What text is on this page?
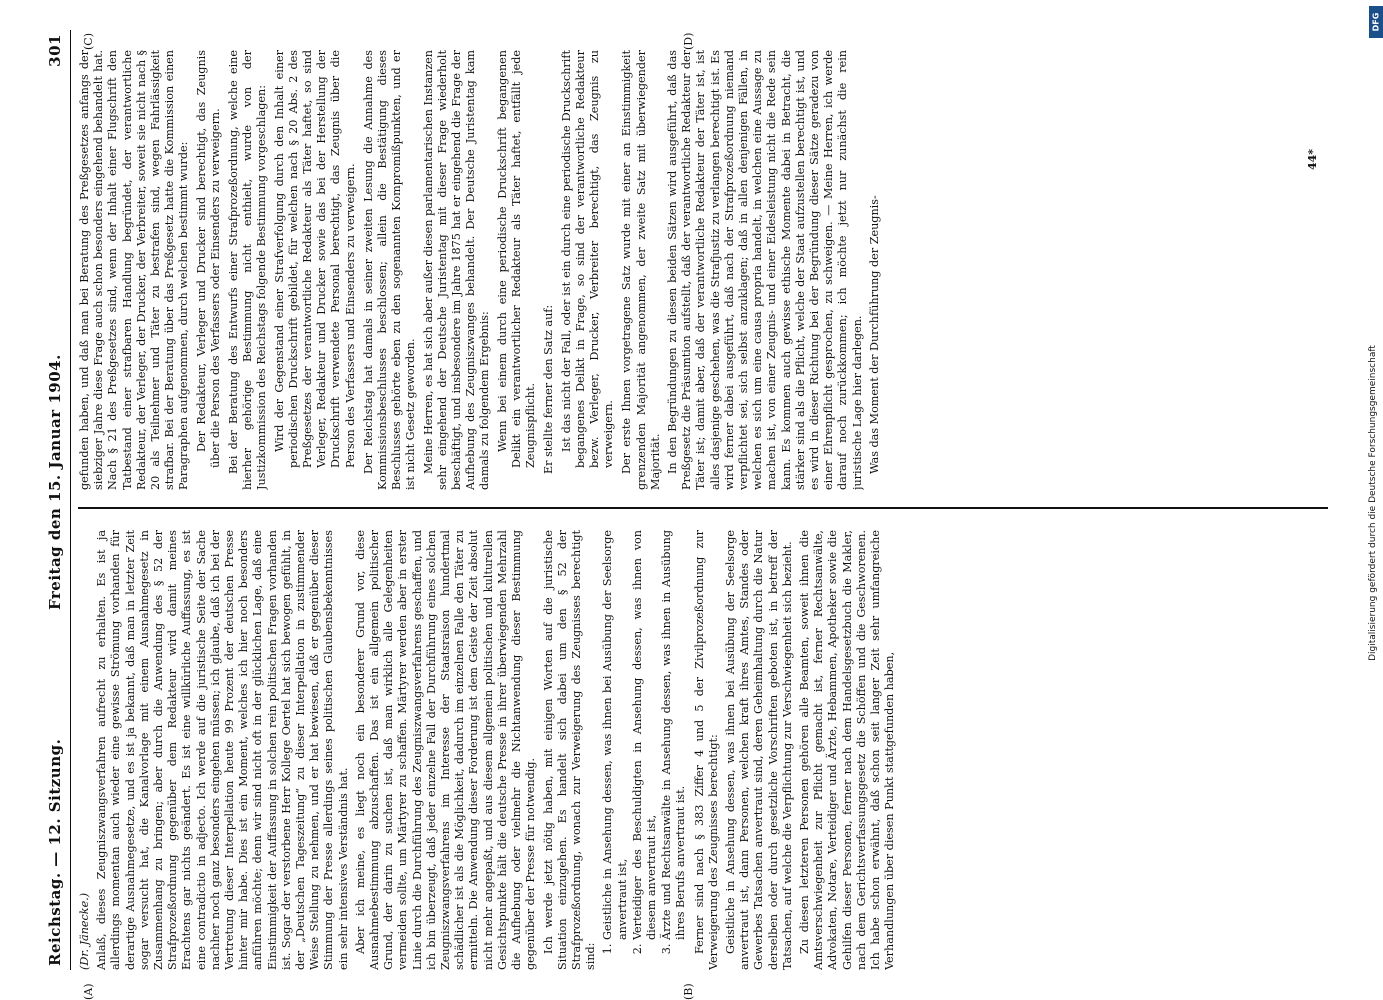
Reichstag. — 12. Sitzung.
Freitag den 15. Januar 1904.
301
(A)	(B)
(C)	(D)

(Dr. Jänecke.) Anlaß, dieses Zeugniszwangsverfahren aufrecht zu erhalten. Es ist ja allerdings momentan auch wieder eine gewisse Strömung vorhanden für derartige Ausnahmegesetze, und es ist ja bekannt, daß man in letzter Zeit sogar versucht hat, die Kanalvorlage mit einem Ausnahmegesetz in Zusammenhang zu bringen; aber durch die Anwendung des § 52 der Strafprozeßordnung gegenüber dem Redakteur wird damit meines Erachtens gar nichts geändert. Es ist eine willkürliche Auffassung, es ist eine contradictio in adjecto. Ich werde auf die juristische Seite der Sache nachher noch ganz besonders eingehen müssen; ich glaube, daß ich bei der Vertretung dieser Interpellation heute 99 Prozent der deutschen Presse hinter mir habe. Dies ist ein Moment, welches ich hier noch besonders anführen möchte; denn wir sind nicht oft in der glücklichen Lage, daß eine Einstimmigkeit der Auffassung in solchen rein politischen Fragen vorhanden ist. Sogar der verstorbene Herr Kollege Oertel hat sich bewogen gefühlt, in der „Deutschen Tageszeitung“ zu dieser Interpellation in zustimmender Weise Stellung zu nehmen, und er hat bewiesen, daß er gegenüber dieser Stimmung der Presse allerdings seines politischen Glaubensbekenntnisses ein sehr intensives Verständnis hat. Aber ich meine, es liegt noch ein besonderer Grund vor, diese Ausnahmebestimmung abzuschaffen. Das ist ein allgemein politischer Grund, der darin zu suchen ist, daß man wirklich alle Gelegenheiten vermeiden sollte, um Märtyrer zu schaffen. Märtyrer werden aber in erster Linie durch die Durchführung des Zeugniszwangsverfahrens geschaffen, und ich bin überzeugt, daß jeder einzelne Fall der Durchführung eines solchen Zeugniszwangsverfahrens im Interesse der Staatsraison hundertmal schädlicher ist als die Möglichkeit, dadurch im einzelnen Falle den Täter zu ermitteln. Die Anwendung dieser Forderung ist dem Geiste der Zeit absolut nicht mehr angepaßt, und aus diesem allgemein politischen und kulturellen Gesichtspunkte hält die deutsche Presse in ihrer überwiegenden Mehrzahl die Aufhebung oder vielmehr die Nichtanwendung dieser Bestimmung gegenüber der Presse für notwendig. Ich werde jetzt nötig haben, mit einigen Worten auf die juristische Situation einzugehen. Es handelt sich dabei um den § 52 der Strafprozeßordnung, wonach zur Verweigerung des Zeugnisses berechtigt sind:

1. Geistliche in Ansehung dessen, was ihnen bei Ausübung der Seelsorge anvertraut ist, 2. Verteidiger des Beschuldigten in Ansehung dessen, was ihnen von diesem anvertraut ist, 3. Ärzte und Rechtsanwälte in Ansehung dessen, was ihnen in Ausübung ihres Berufs anvertraut ist. Ferner sind nach § 383 Ziffer 4 und 5 der Zivilprozeßordnung zur Verweigerung des Zeugnisses berechtigt: Geistliche in Ansehung dessen, was ihnen bei Ausübung der Seelsorge anvertraut ist, dann Personen, welchen kraft ihres Amtes, Standes oder Gewerbes Tatsachen anvertraut sind, deren Geheimhaltung durch die Natur derselben oder durch gesetzliche Vorschriften geboten ist, in betreff der Tatsachen, auf welche die Verpflichtung zur Verschwiegenheit sich bezieht. Zu diesen letzteren Personen gehören alle Beamten, soweit ihnen die Amtsverschwiegenheit zur Pflicht gemacht ist, ferner Rechtsanwälte, Advokaten, Notare, Verteidiger und Ärzte, Hebammen, Apotheker sowie die Gehilfen dieser Personen, ferner nach dem Handelsgesetzbuch die Makler, nach dem Gerichtsverfassungsgesetz die Schöffen und die Geschworenen. Ich habe schon erwähnt, daß schon seit langer Zeit sehr umfangreiche Verhandlungen über diesen Punkt stattgefunden haben,

gefunden haben, und daß man bei Beratung des Preßgesetzes anfangs der siebziger Jahre diese Frage auch schon besonders eingehend behandelt hat. Nach § 21 des Preßgesetzes sind, wenn der Inhalt einer Flugschrift den Tatbestand einer strafbaren Handlung begründet, der verantwortliche Redakteur, der Verleger, der Drucker, der Verbreiter, soweit sie nicht nach § 20 als Teilnehmer und Täter zu bestrafen sind, wegen Fahrlässigkeit strafbar. Bei der Beratung über das Preßgesetz hatte die Kommission einen Paragraphen aufgenommen, durch welchen bestimmt wurde: Der Redakteur, Verleger und Drucker sind berechtigt, das Zeugnis über die Person des Verfassers oder Einsenders zu verweigern. Bei der Beratung des Entwurfs einer Strafprozeßordnung, welche eine hierher gehörige Bestimmung nicht enthielt, wurde von der Justizkommission des Reichstags folgende Bestimmung vorgeschlagen: Wird der Gegenstand einer Strafverfolgung durch den Inhalt einer periodischen Druckschrift gebildet, für welchen nach § 20 Abs. 2 des Preßgesetzes der verantwortliche Redakteur als Täter haftet, so sind Verleger, Redakteur und Drucker sowie das bei der Herstellung der Druckschrift verwendete Personal berechtigt, das Zeugnis über die Person des Verfassers und Einsenders zu verweigern. Der Reichstag hat damals in seiner zweiten Lesung die Annahme des Kommissionsbeschlusses beschlossen; allein die Bestätigung dieses Beschlusses gehörte eben zu den sogenannten Kompromißpunkten, und er ist nicht Gesetz geworden. Meine Herren, es hat sich aber außer diesen parlamentarischen Instanzen sehr eingehend der Deutsche Juristentag mit dieser Frage wiederholt beschäftigt, und insbesondere im Jahre 1875 hat er eingehend die Frage der Aufhebung des Zeugniszwanges behandelt. Der Deutsche Juristentag kam damals zu folgendem Ergebnis: Wenn bei einem durch eine periodische Druckschrift begangenen Delikt ein verantwortlicher Redakteur als Täter haftet, entfällt jede Zeugnispflicht. Er stellte ferner den Satz auf: Ist das nicht der Fall, oder ist ein durch eine periodische Druckschrift begangenes Delikt in Frage, so sind der verantwortliche Redakteur bezw. Verleger, Drucker, Verbreiter berechtigt, das Zeugnis zu verweigern. Der erste Ihnen vorgetragene Satz wurde mit einer an Einstimmigkeit grenzenden Majorität angenommen, der zweite Satz mit überwiegender Majorität. In den Begründungen zu diesen beiden Sätzen wird ausgeführt, daß das Preßgesetz die Präsumtion aufstellt, daß der verantwortliche Redakteur der Täter ist; damit aber, daß der verantwortliche Redakteur der Täter ist, ist alles dasjenige geschehen, was die Strafjustiz zu verlangen berechtigt ist. Es wird ferner dabei ausgeführt, daß nach der Strafprozeßordnung niemand verpflichtet sei, sich selbst anzuklagen; daß in allen denjenigen Fällen, in welchen es sich um eine causa propria handelt, in welchen eine Aussage zu machen ist, von einer Zeugnis- und einer Eidesleistung nicht die Rede sein kann. Es kommen auch gewisse ethische Momente dabei in Betracht, die stärker sind als die Pflicht, welche der Staat aufzustellen berechtigt ist, und es wird in dieser Richtung bei der Begründung dieser Sätze geradezu von einer Ehrenpflicht gesprochen, zu schweigen. — Meine Herren, ich werde darauf noch zurückkommen; ich möchte jetzt nur zunächst die rein juristische Lage hier darlegen. Was das Moment der Durchführung der Zeugnis-

44*
Digitalisierung gefördert durch die Deutsche Forschungsgemeinschaft
DFG
